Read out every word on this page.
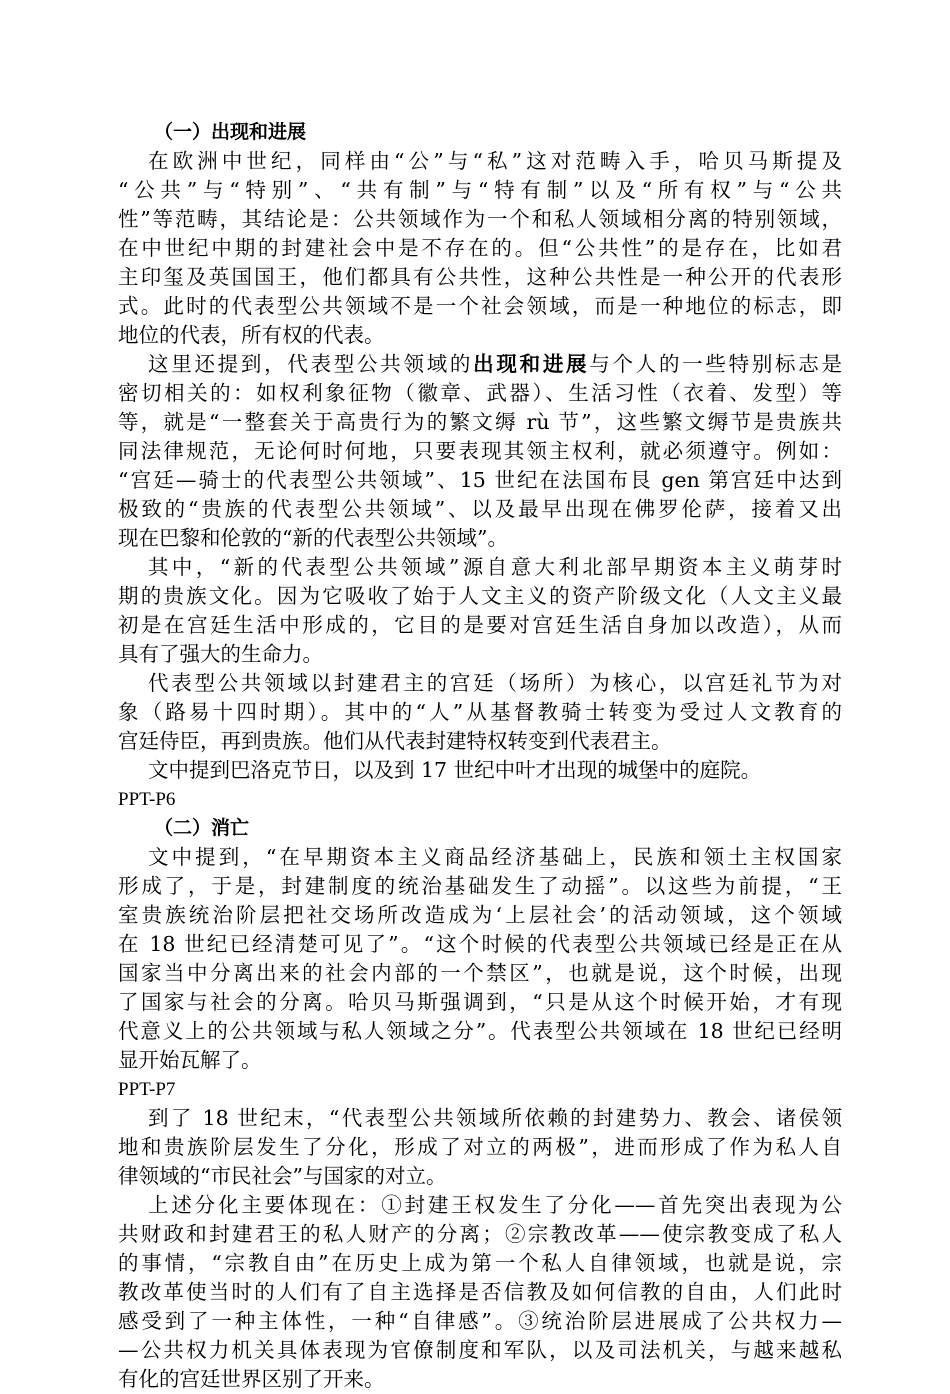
（一）出现和进展
在欧洲中世纪，同样由“公”与“私”这对范畴入手，哈贝马斯提及
“公共”与“特别”、“共有制”与“特有制”以及“所有权”与“公共
性”等范畴，其结论是：公共领域作为一个和私人领域相分离的特别领域，
在中世纪中期的封建社会中是不存在的。但“公共性”的是存在，比如君
主印玺及英国国王，他们都具有公共性，这种公共性是一种公开的代表形
式。此时的代表型公共领域不是一个社会领域，而是一种地位的标志，即
地位的代表，所有权的代表。
这里还提到，代表型公共领域的出现和进展与个人的一些特别标志是
密切相关的：如权利象征物（徽章、武器）、生活习性（衣着、发型）等
等，就是“一整套关于高贵行为的繁文缛 rù 节”，这些繁文缛节是贵族共
同法律规范，无论何时何地，只要表现其领主权利，就必须遵守。例如：
“宫廷—骑士的代表型公共领域”、15 世纪在法国布艮 gen 第宫廷中达到
极致的“贵族的代表型公共领域”、以及最早出现在佛罗伦萨，接着又出
现在巴黎和伦敦的“新的代表型公共领域”。
其中，“新的代表型公共领域”源自意大利北部早期资本主义萌芽时
期的贵族文化。因为它吸收了始于人文主义的资产阶级文化（人文主义最
初是在宫廷生活中形成的，它目的是要对宫廷生活自身加以改造），从而
具有了强大的生命力。
代表型公共领域以封建君主的宫廷（场所）为核心，以宫廷礼节为对
象（路易十四时期）。其中的“人”从基督教骑士转变为受过人文教育的
宫廷侍臣，再到贵族。他们从代表封建特权转变到代表君主。
文中提到巴洛克节日，以及到 17 世纪中叶才出现的城堡中的庭院。
PPT-P6
（二）消亡
文中提到，“在早期资本主义商品经济基础上，民族和领土主权国家
形成了，于是，封建制度的统治基础发生了动摇”。以这些为前提，“王
室贵族统治阶层把社交场所改造成为‘上层社会’的活动领域，这个领域
在 18 世纪已经清楚可见了”。“这个时候的代表型公共领域已经是正在从
国家当中分离出来的社会内部的一个禁区”，也就是说，这个时候，出现
了国家与社会的分离。哈贝马斯强调到，“只是从这个时候开始，才有现
代意义上的公共领域与私人领域之分”。代表型公共领域在 18 世纪已经明
显开始瓦解了。
PPT-P7
到了 18 世纪末，“代表型公共领域所依赖的封建势力、教会、诸侯领
地和贵族阶层发生了分化，形成了对立的两极”，进而形成了作为私人自
律领域的“市民社会”与国家的对立。
上述分化主要体现在：①封建王权发生了分化——首先突出表现为公
共财政和封建君王的私人财产的分离；②宗教改革——使宗教变成了私人
的事情，“宗教自由”在历史上成为第一个私人自律领域，也就是说，宗
教改革使当时的人们有了自主选择是否信教及如何信教的自由，人们此时
感受到了一种主体性，一种“自律感”。③统治阶层进展成了公共权力—
—公共权力机关具体表现为官僚制度和军队，以及司法机关，与越来越私
有化的宫廷世界区别了开来。
